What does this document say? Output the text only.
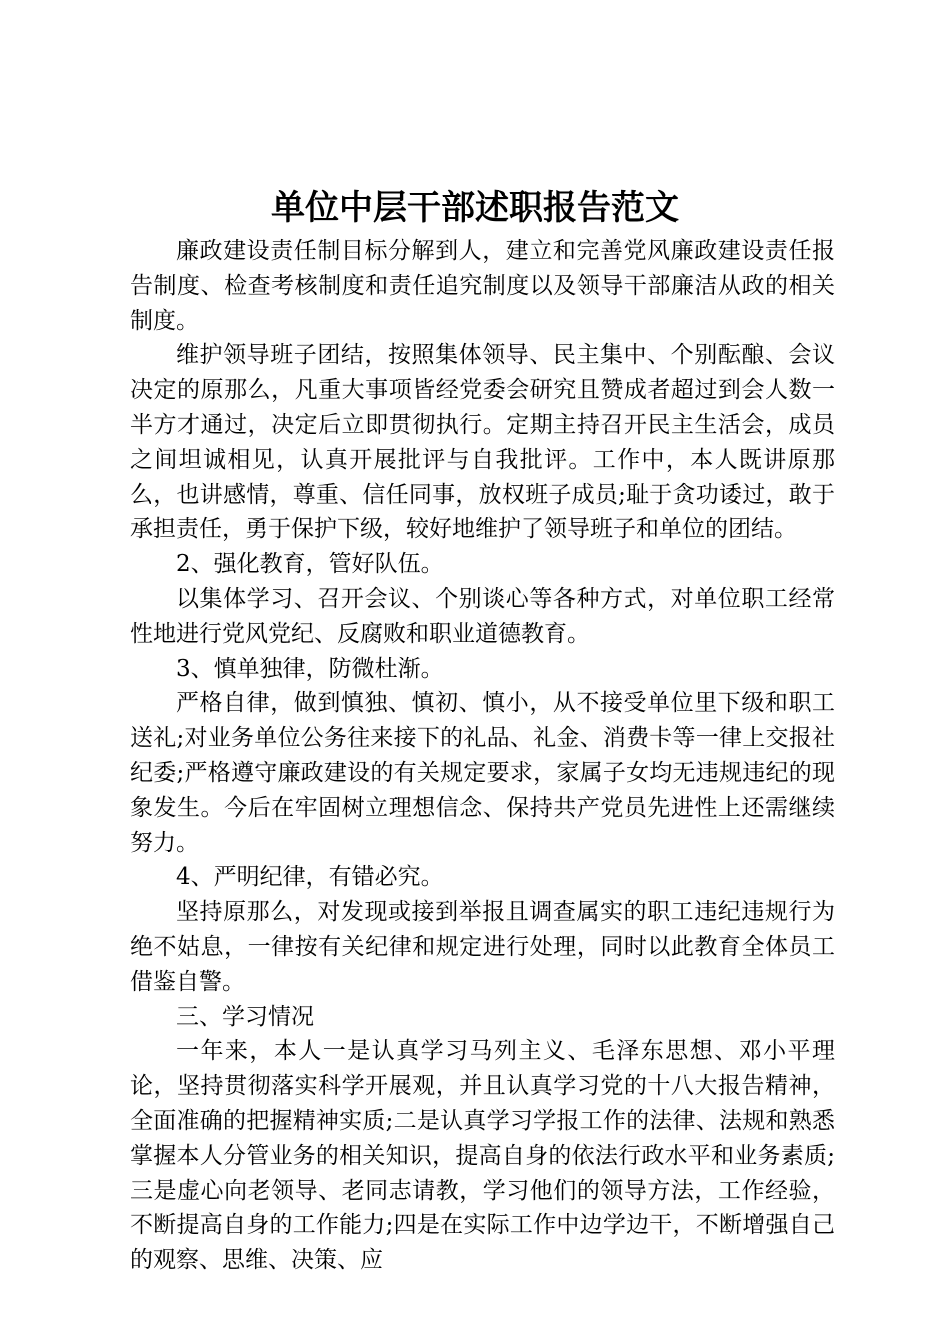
单位中层干部述职报告范文

廉政建设责任制目标分解到人，建立和完善党风廉政建设责任报告制度、检查考核制度和责任追究制度以及领导干部廉洁从政的相关制度。

维护领导班子团结，按照集体领导、民主集中、个别酝酿、会议决定的原那么，凡重大事项皆经党委会研究且赞成者超过到会人数一半方才通过，决定后立即贯彻执行。定期主持召开民主生活会，成员之间坦诚相见，认真开展批评与自我批评。工作中，本人既讲原那么，也讲感情，尊重、信任同事，放权班子成员;耻于贪功诿过，敢于承担责任，勇于保护下级，较好地维护了领导班子和单位的团结。

2、强化教育，管好队伍。

以集体学习、召开会议、个别谈心等各种方式，对单位职工经常性地进行党风党纪、反腐败和职业道德教育。

3、慎单独律，防微杜渐。

严格自律，做到慎独、慎初、慎小，从不接受单位里下级和职工送礼;对业务单位公务往来接下的礼品、礼金、消费卡等一律上交报社纪委;严格遵守廉政建设的有关规定要求，家属子女均无违规违纪的现象发生。今后在牢固树立理想信念、保持共产党员先进性上还需继续努力。

4、严明纪律，有错必究。

坚持原那么，对发现或接到举报且调查属实的职工违纪违规行为绝不姑息，一律按有关纪律和规定进行处理，同时以此教育全体员工借鉴自警。

三、学习情况

一年来，本人一是认真学习马列主义、毛泽东思想、邓小平理论，坚持贯彻落实科学开展观，并且认真学习党的十八大报告精神，全面准确的把握精神实质;二是认真学习学报工作的法律、法规和熟悉掌握本人分管业务的相关知识，提高自身的依法行政水平和业务素质;三是虚心向老领导、老同志请教，学习他们的领导方法，工作经验，不断提高自身的工作能力;四是在实际工作中边学边干，不断增强自己的观察、思维、决策、应
